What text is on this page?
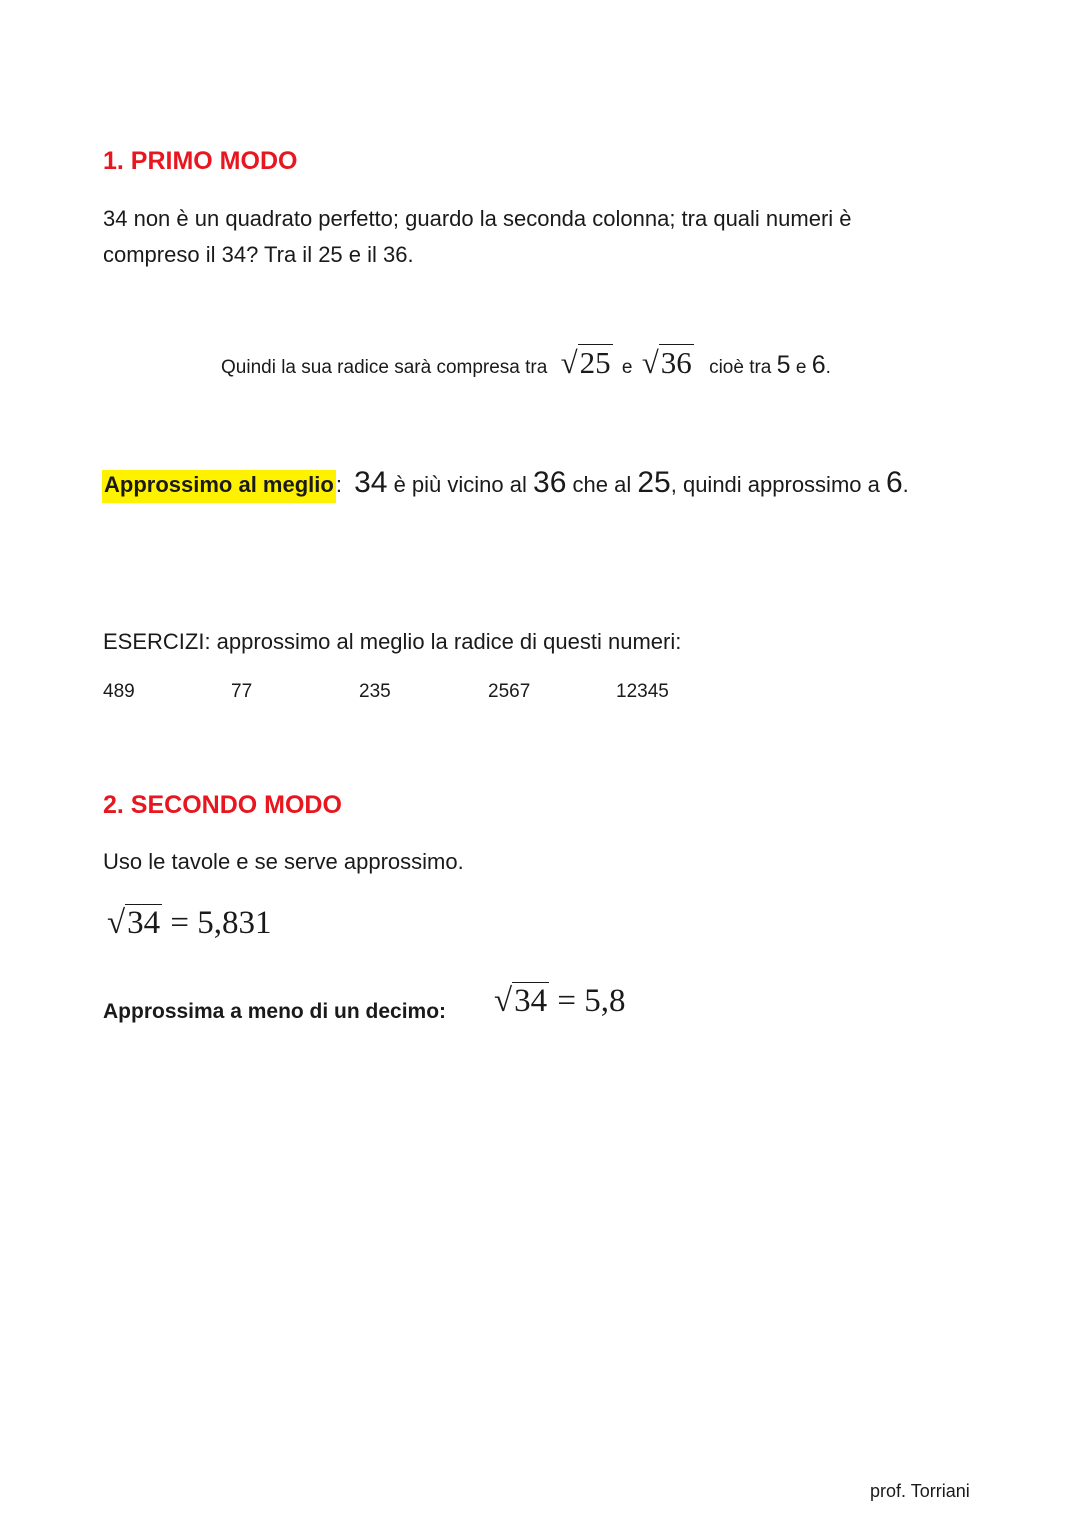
1. PRIMO MODO
34 non è un quadrato perfetto; guardo la seconda colonna; tra quali numeri è
compreso il 34? Tra il 25 e il 36.
Quindi la sua radice sarà compresa tra √25 e √36 cioè tra 5 e 6.
Approssimo al meglio: 34 è più vicino al 36 che al 25, quindi approssimo a 6.
ESERCIZI: approssimo al meglio la radice di questi numeri:
489	77	235	2567	12345
2. SECONDO MODO
Uso le tavole e se serve approssimo.
√34 = 5,831
Approssima a meno di un decimo: √34 = 5,8
prof. Torriani
